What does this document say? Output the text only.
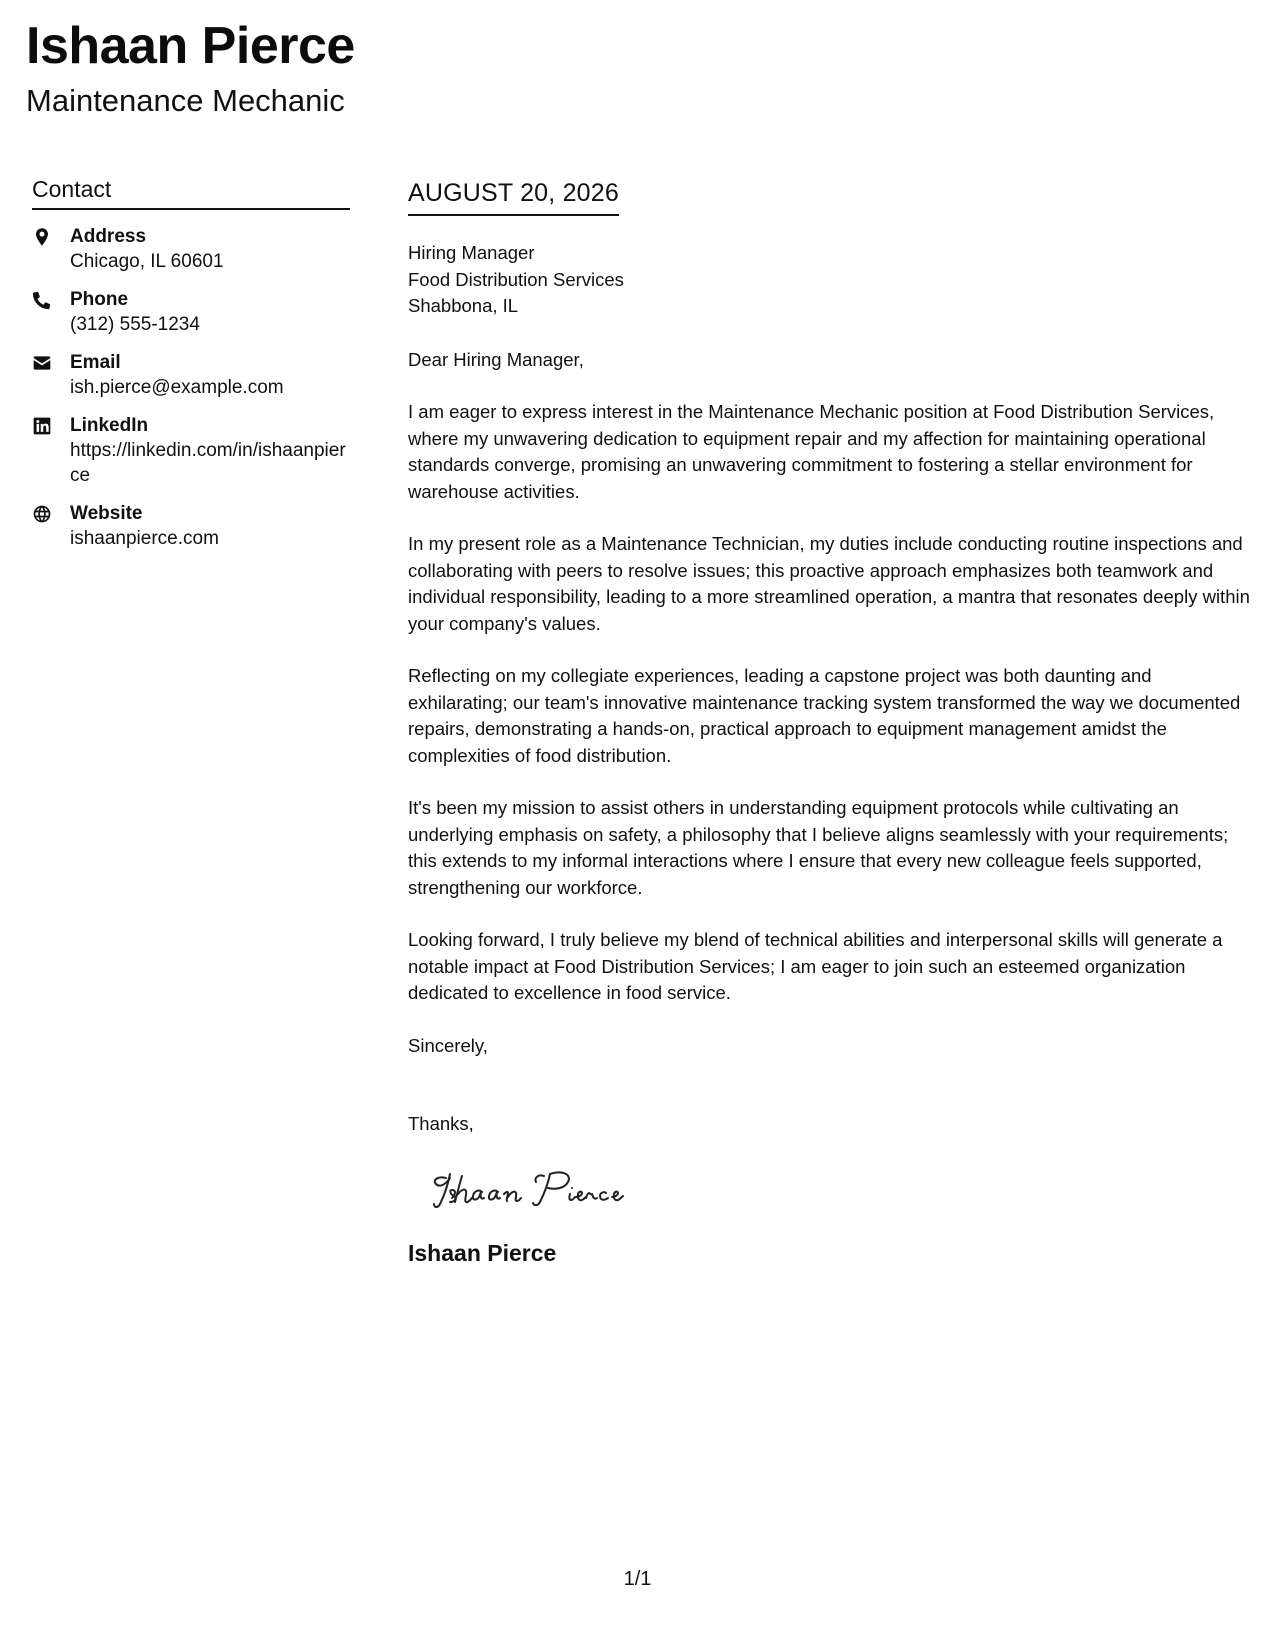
Ishaan Pierce
Maintenance Mechanic
Contact
Address
Chicago, IL 60601
Phone
(312) 555-1234
Email
ish.pierce@example.com
LinkedIn
https://linkedin.com/in/ishaanpierce
Website
ishaanpierce.com
AUGUST 20, 2026
Hiring Manager
Food Distribution Services
Shabbona, IL

Dear Hiring Manager,

I am eager to express interest in the Maintenance Mechanic position at Food Distribution Services, where my unwavering dedication to equipment repair and my affection for maintaining operational standards converge, promising an unwavering commitment to fostering a stellar environment for warehouse activities.

In my present role as a Maintenance Technician, my duties include conducting routine inspections and collaborating with peers to resolve issues; this proactive approach emphasizes both teamwork and individual responsibility, leading to a more streamlined operation, a mantra that resonates deeply within your company's values.

Reflecting on my collegiate experiences, leading a capstone project was both daunting and exhilarating; our team's innovative maintenance tracking system transformed the way we documented repairs, demonstrating a hands-on, practical approach to equipment management amidst the complexities of food distribution.

It's been my mission to assist others in understanding equipment protocols while cultivating an underlying emphasis on safety, a philosophy that I believe aligns seamlessly with your requirements; this extends to my informal interactions where I ensure that every new colleague feels supported, strengthening our workforce.

Looking forward, I truly believe my blend of technical abilities and interpersonal skills will generate a notable impact at Food Distribution Services; I am eager to join such an esteemed organization dedicated to excellence in food service.

Sincerely,

Thanks,
Ishaan Pierce
1/1
